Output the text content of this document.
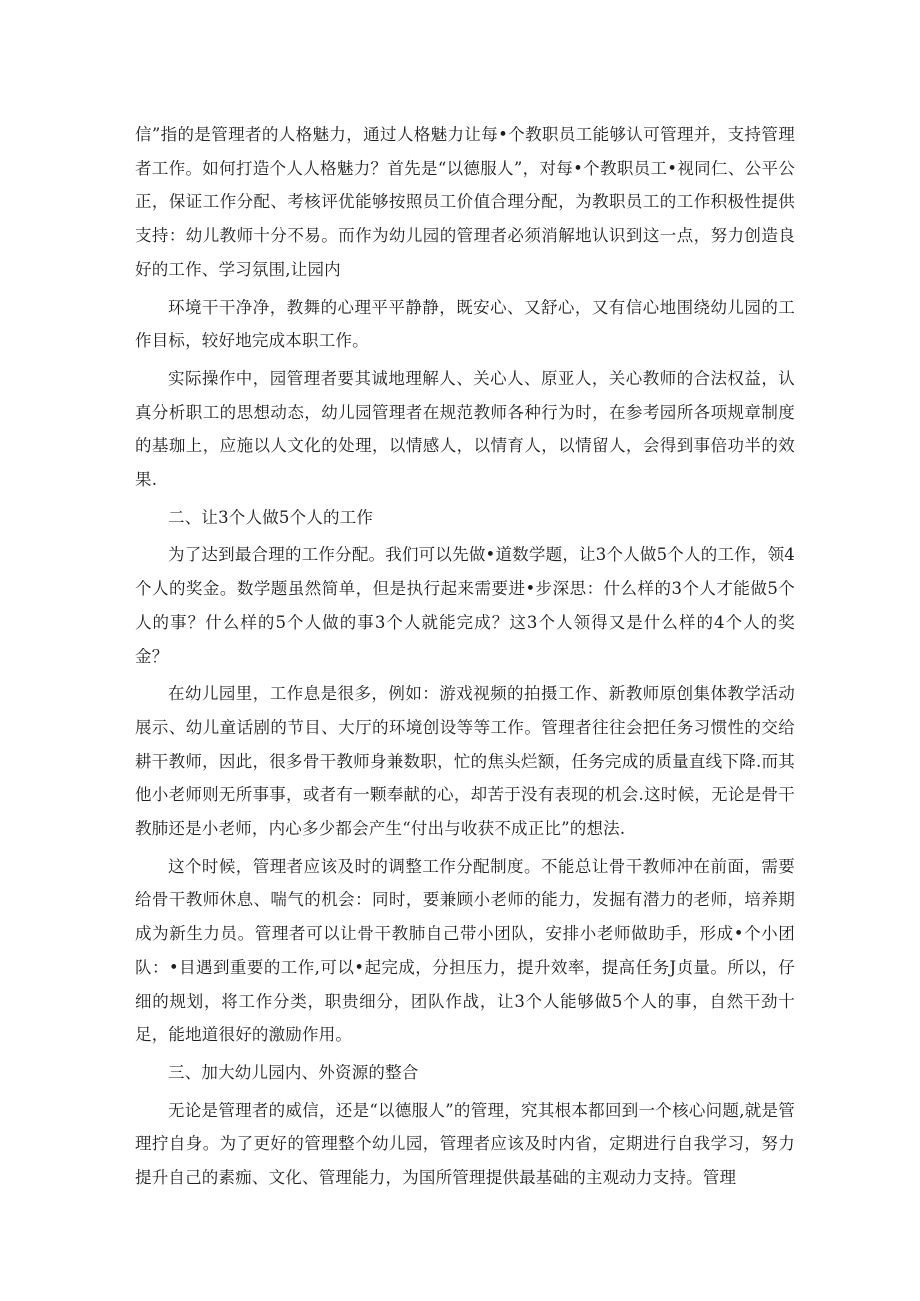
信”指的是管理者的人格魅力，通过人格魅力让每•个教职员工能够认可管理并，支持管理者工作。如何打造个人人格魅力？首先是“以德服人”，对每•个教职员工•视同仁、公平公正，保证工作分配、考核评优能够按照员工价值合理分配，为教职员工的工作积极性提供支持：幼儿教师十分不易。而作为幼儿园的管理者必须消解地认识到这一点，努力创造良好的工作、学习氛围,让园内

环境干干净净，教舞的心理平平静静，既安心、又舒心，又有信心地围绕幼儿园的工作目标，较好地完成本职工作。

实际操作中，园管理者要其诚地理解人、关心人、原亚人，关心教师的合法权益，认真分析职工的思想动态，幼儿园管理者在规范教师各种行为时，在参考园所各项规章制度的基珈上，应施以人文化的处理，以情感人，以情育人，以情留人，会得到事倍功半的效果.

二、让3个人做5个人的工作

为了达到最合理的工作分配。我们可以先做•道数学题，让3个人做5个人的工作，领4个人的奖金。数学题虽然简单，但是执行起来需要进•步深思：什么样的3个人才能做5个人的事？什么样的5个人做的事3个人就能完成？这3个人领得又是什么样的4个人的奖金？

在幼儿园里，工作息是很多，例如：游戏视频的拍摄工作、新教师原创集体教学活动展示、幼儿童话剧的节目、大厅的环境创设等等工作。管理者往往会把任务习惯性的交给耕干教师，因此，很多骨干教师身兼数职，忙的焦头烂额，任务完成的质量直线下降.而其他小老师则无所事事，或者有一颗奉献的心，却苦于没有表现的机会.这时候，无论是骨干教肺还是小老师，内心多少都会产生“付出与收获不成正比”的想法.

这个时候，管理者应该及时的调整工作分配制度。不能总让骨干教师冲在前面，需要给骨干教师休息、喘气的机会：同时，要兼顾小老师的能力，发掘有潜力的老师，培养期成为新生力员。管理者可以让骨干教肺自己带小团队，安排小老师做助手，形成•个小团队：•目遇到重要的工作,可以•起完成，分担压力，提升效率，提高任务J贞量。所以，仔细的规划，将工作分类，职贵细分，团队作战，让3个人能够做5个人的事，自然干劲十足，能地道很好的激励作用。

三、加大幼儿园内、外资源的整合

无论是管理者的威信，还是“以德服人”的管理，究其根本都回到一个核心问题,就是管理拧自身。为了更好的管理整个幼儿园，管理者应该及时内省，定期进行自我学习，努力提升自己的素痂、文化、管理能力，为国所管理提供最基础的主观动力支持。管理
